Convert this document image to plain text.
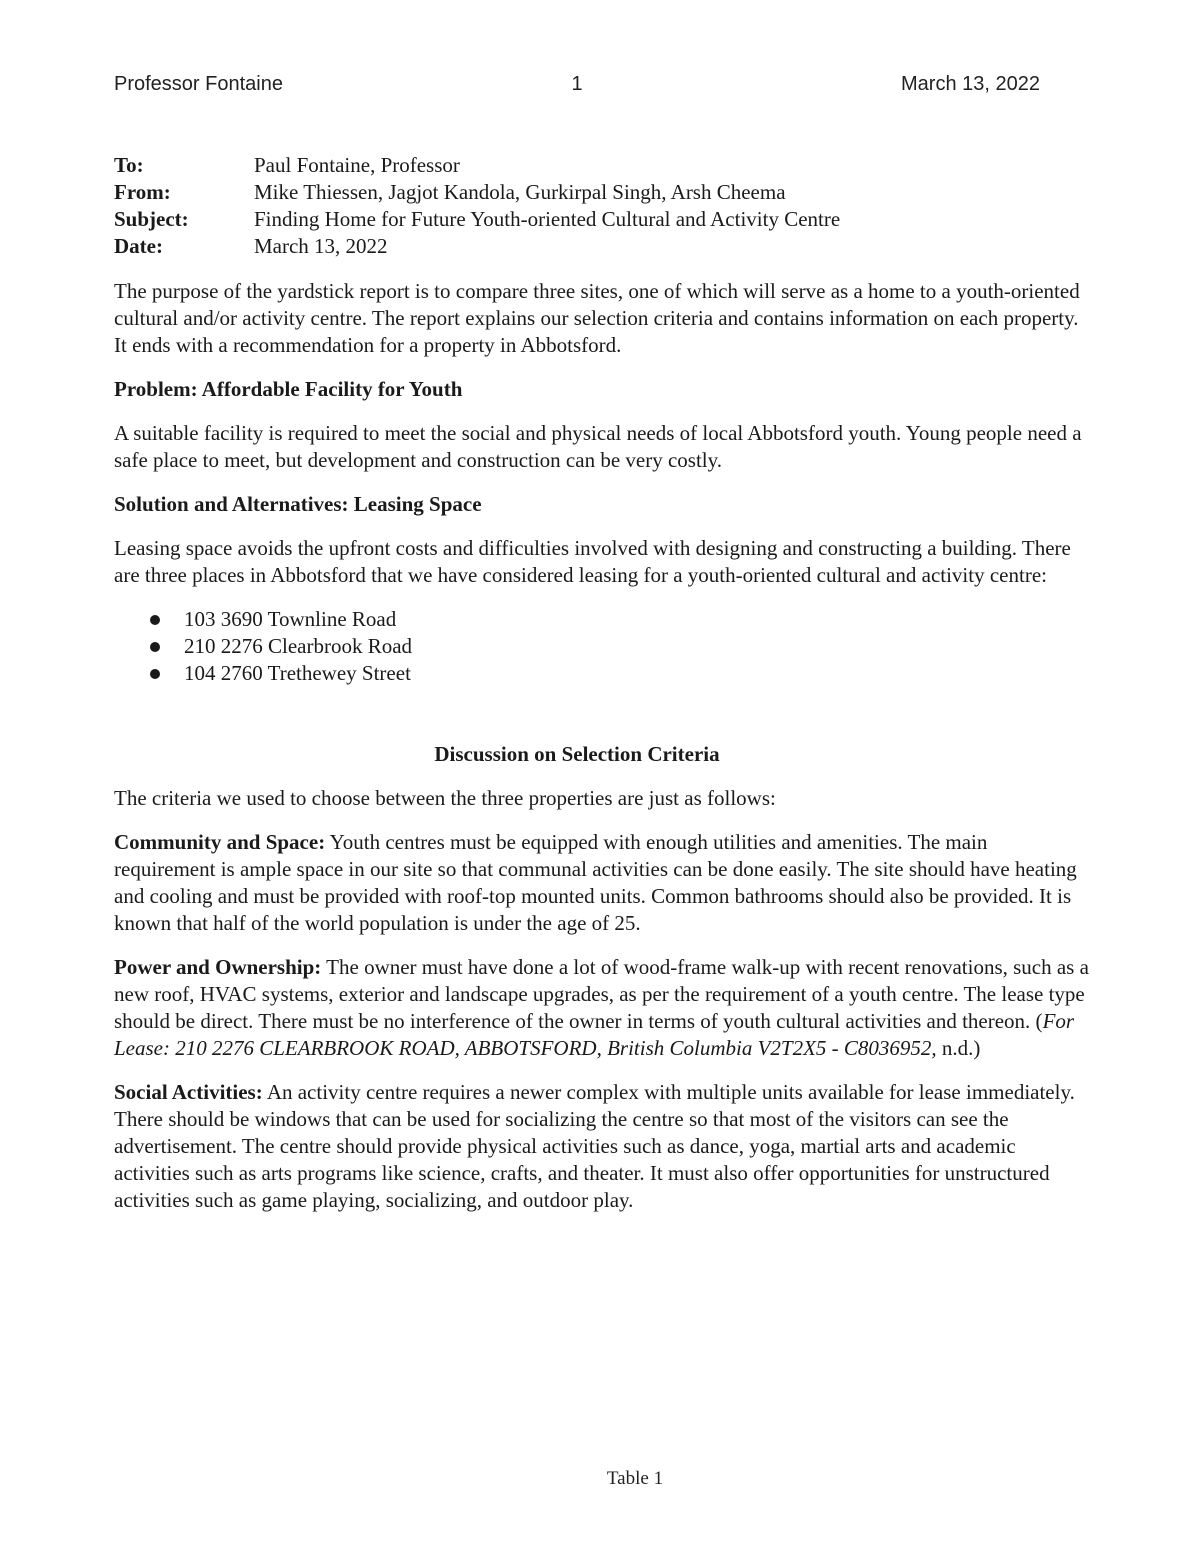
Professor Fontaine	1	March 13, 2022
To:	Paul Fontaine, Professor
From:	Mike Thiessen, Jagjot Kandola, Gurkirpal Singh, Arsh Cheema
Subject:	Finding Home for Future Youth-oriented Cultural and Activity Centre
Date:	March 13, 2022

The purpose of the yardstick report is to compare three sites, one of which will serve as a home to a youth-oriented cultural and/or activity centre. The report explains our selection criteria and contains information on each property. It ends with a recommendation for a property in Abbotsford.

Problem: Affordable Facility for Youth

A suitable facility is required to meet the social and physical needs of local Abbotsford youth. Young people need a safe place to meet, but development and construction can be very costly.

Solution and Alternatives: Leasing Space

Leasing space avoids the upfront costs and difficulties involved with designing and constructing a building. There are three places in Abbotsford that we have considered leasing for a youth-oriented cultural and activity centre:

103 3690 Townline Road
210 2276 Clearbrook Road
104 2760 Trethewey Street
Discussion on Selection Criteria

The criteria we used to choose between the three properties are just as follows:

Community and Space: Youth centres must be equipped with enough utilities and amenities. The main requirement is ample space in our site so that communal activities can be done easily. The site should have heating and cooling and must be provided with roof-top mounted units. Common bathrooms should also be provided. It is known that half of the world population is under the age of 25.

Power and Ownership: The owner must have done a lot of wood-frame walk-up with recent renovations, such as a new roof, HVAC systems, exterior and landscape upgrades, as per the requirement of a youth centre. The lease type should be direct. There must be no interference of the owner in terms of youth cultural activities and thereon. (For Lease: 210 2276 CLEARBROOK ROAD, ABBOTSFORD, British Columbia V2T2X5 - C8036952, n.d.)

Social Activities: An activity centre requires a newer complex with multiple units available for lease immediately. There should be windows that can be used for socializing the centre so that most of the visitors can see the advertisement. The centre should provide physical activities such as dance, yoga, martial arts and academic activities such as arts programs like science, crafts, and theater. It must also offer opportunities for unstructured activities such as game playing, socializing, and outdoor play.

Table 1
